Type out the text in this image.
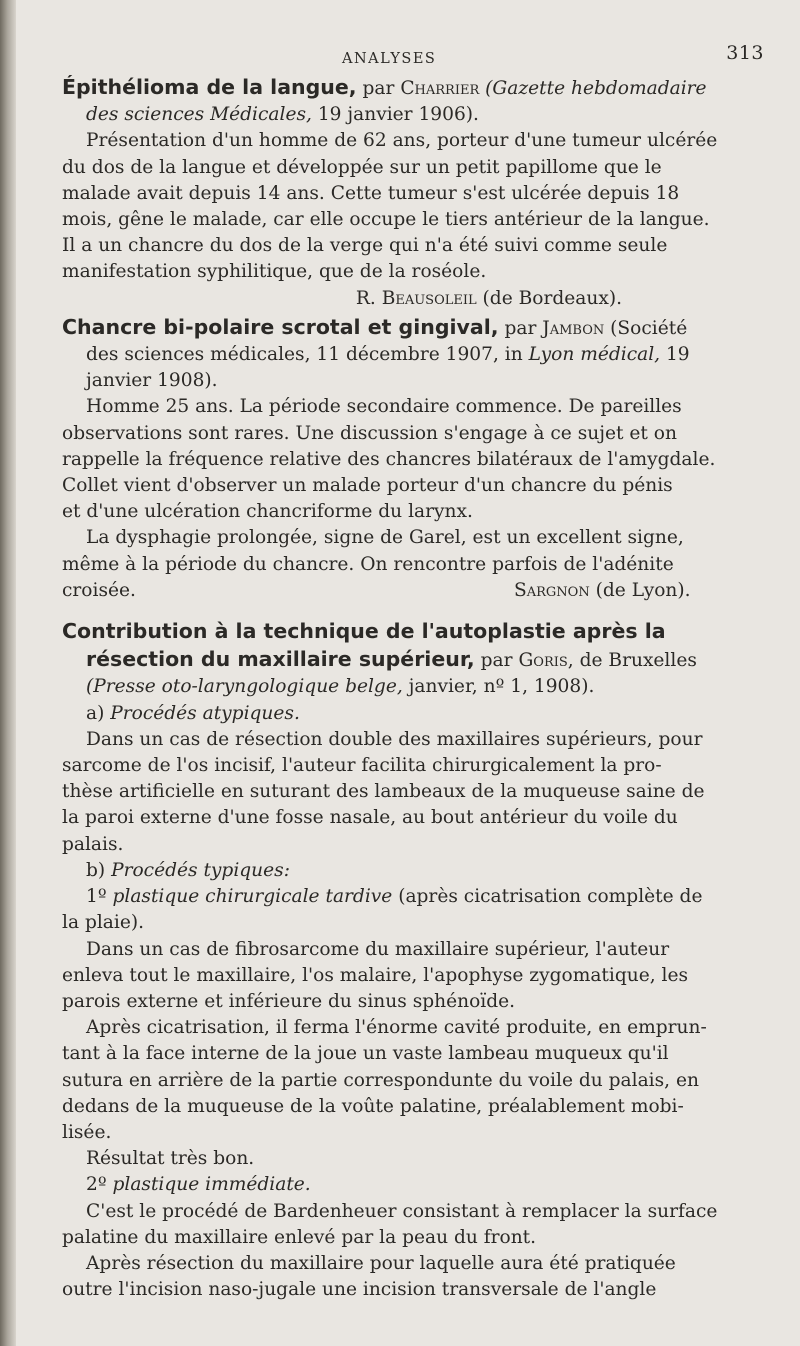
ANALYSES	313

Épithélioma de la langue, par Charrier (Gazette hebdomadaire

des sciences Médicales, 19 janvier 1906).

Présentation d'un homme de 62 ans, porteur d'une tumeur ulcérée

du dos de la langue et développée sur un petit papillome que le

malade avait depuis 14 ans. Cette tumeur s'est ulcérée depuis 18

mois, gêne le malade, car elle occupe le tiers antérieur de la langue.

Il a un chancre du dos de la verge qui n'a été suivi comme seule

manifestation syphilitique, que de la roséole.

R. Beausoleil (de Bordeaux).

Chancre bi-polaire scrotal et gingival, par Jambon (Société

des sciences médicales, 11 décembre 1907, in Lyon médical, 19

janvier 1908).

Homme 25 ans. La période secondaire commence. De pareilles

observations sont rares. Une discussion s'engage à ce sujet et on

rappelle la fréquence relative des chancres bilatéraux de l'amygdale.

Collet vient d'observer un malade porteur d'un chancre du pénis

et d'une ulcération chancriforme du larynx.

La dysphagie prolongée, signe de Garel, est un excellent signe,

même à la période du chancre. On rencontre parfois de l'adénite

croisée.	Sargnon (de Lyon).

Contribution à la technique de l'autoplastie après la

résection du maxillaire supérieur, par Goris, de Bruxelles

(Presse oto-laryngologique belge, janvier, nº 1, 1908).

a) Procédés atypiques.

Dans un cas de résection double des maxillaires supérieurs, pour

sarcome de l'os incisif, l'auteur facilita chirurgicalement la pro-

thèse artificielle en suturant des lambeaux de la muqueuse saine de

la paroi externe d'une fosse nasale, au bout antérieur du voile du

palais.

b) Procédés typiques:

1º plastique chirurgicale tardive (après cicatrisation complète de

la plaie).

Dans un cas de fibrosarcome du maxillaire supérieur, l'auteur

enleva tout le maxillaire, l'os malaire, l'apophyse zygomatique, les

parois externe et inférieure du sinus sphénoïde.

Après cicatrisation, il ferma l'énorme cavité produite, en emprun-

tant à la face interne de la joue un vaste lambeau muqueux qu'il

sutura en arrière de la partie correspondunte du voile du palais, en

dedans de la muqueuse de la voûte palatine, préalablement mobi-

lisée.

Résultat très bon.

2º plastique immédiate.

C'est le procédé de Bardenheuer consistant à remplacer la surface

palatine du maxillaire enlevé par la peau du front.

Après résection du maxillaire pour laquelle aura été pratiquée

outre l'incision naso-jugale une incision transversale de l'angle
